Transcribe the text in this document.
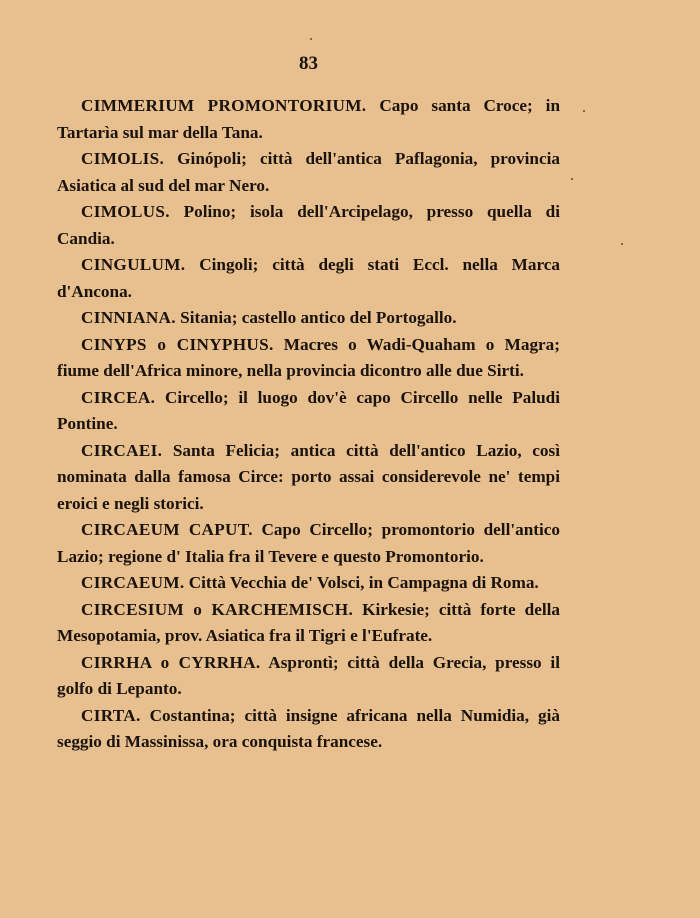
83

CIMMERIUM PROMONTORIUM. Capo santa Croce; in Tartarìa sul mar della Tana.

CIMOLIS. Ginópoli; città dell'antica Paflagonia, provincia Asiatica al sud del mar Nero.

CIMOLUS. Polino; isola dell'Arcipelago, presso quella di Candia.

CINGULUM. Cingoli; città degli stati Eccl. nella Marca d'Ancona.

CINNIANA. Sitania; castello antico del Portogallo.

CINYPS o CINYPHUS. Macres o Wadi-Quaham o Magra; fiume dell'Africa minore, nella provincia dicontro alle due Sirti.

CIRCEA. Circello; il luogo dov'è capo Circello nelle Paludi Pontine.

CIRCAEI. Santa Felicia; antica città dell'antico Lazio, così nominata dalla famosa Circe: porto assai considerevole ne' tempi eroici e negli storici.

CIRCAEUM CAPUT. Capo Circello; promontorio dell'antico Lazio; regione d' Italia fra il Tevere e questo Promontorio.

CIRCAEUM. Città Vecchia de' Volsci, in Campagna di Roma.

CIRCESIUM o KARCHEMISCH. Kirkesie; città forte della Mesopotamia, prov. Asiatica fra il Tigri e l'Eufrate.

CIRRHA o CYRRHA. Asprontì; città della Grecia, presso il golfo di Lepanto.

CIRTA. Costantina; città insigne africana nella Numidia, già seggio di Massinissa, ora conquista francese.
